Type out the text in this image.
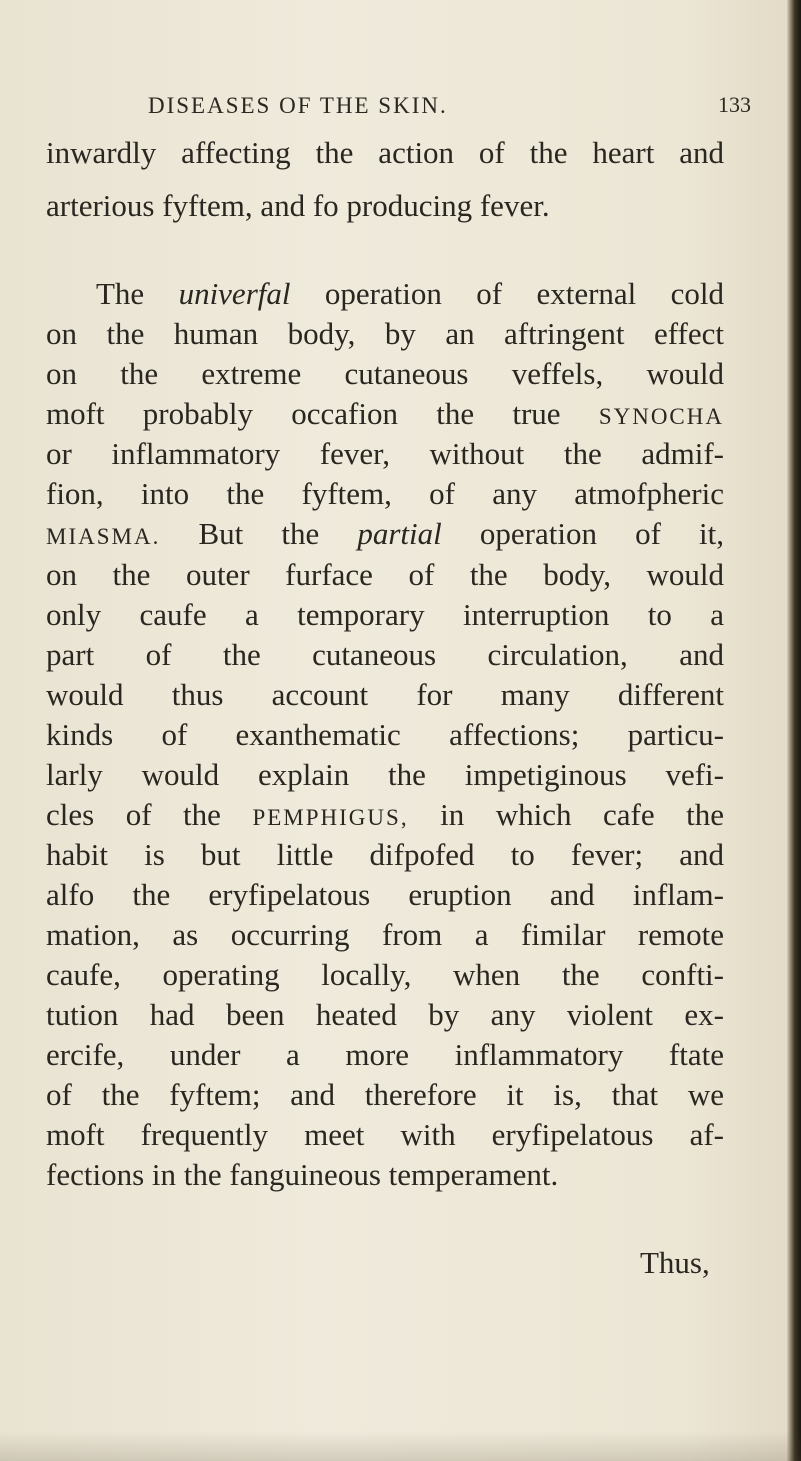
DISEASES OF THE SKIN.	133
inwardly affecting the action of the heart and
arterious fyftem, and fo producing fever.
The univerfal operation of external cold
on the human body, by an aftringent effect
on the extreme cutaneous veffels, would
moft probably occafion the true SYNOCHA
or inflammatory fever, without the admif-
fion, into the fyftem, of any atmofpheric
MIASMA. But the partial operation of it,
on the outer furface of the body, would
only caufe a temporary interruption to a
part of the cutaneous circulation, and
would thus account for many different
kinds of exanthematic affections; particu-
larly would explain the impetiginous vefi-
cles of the PEMPHIGUS, in which cafe the
habit is but little difpofed to fever; and
alfo the eryfipelatous eruption and inflam-
mation, as occurring from a fimilar remote
caufe, operating locally, when the confti-
tution had been heated by any violent ex-
ercife, under a more inflammatory ftate
of the fyftem; and therefore it is, that we
moft frequently meet with eryfipelatous af-
fections in the fanguineous temperament.
Thus,
